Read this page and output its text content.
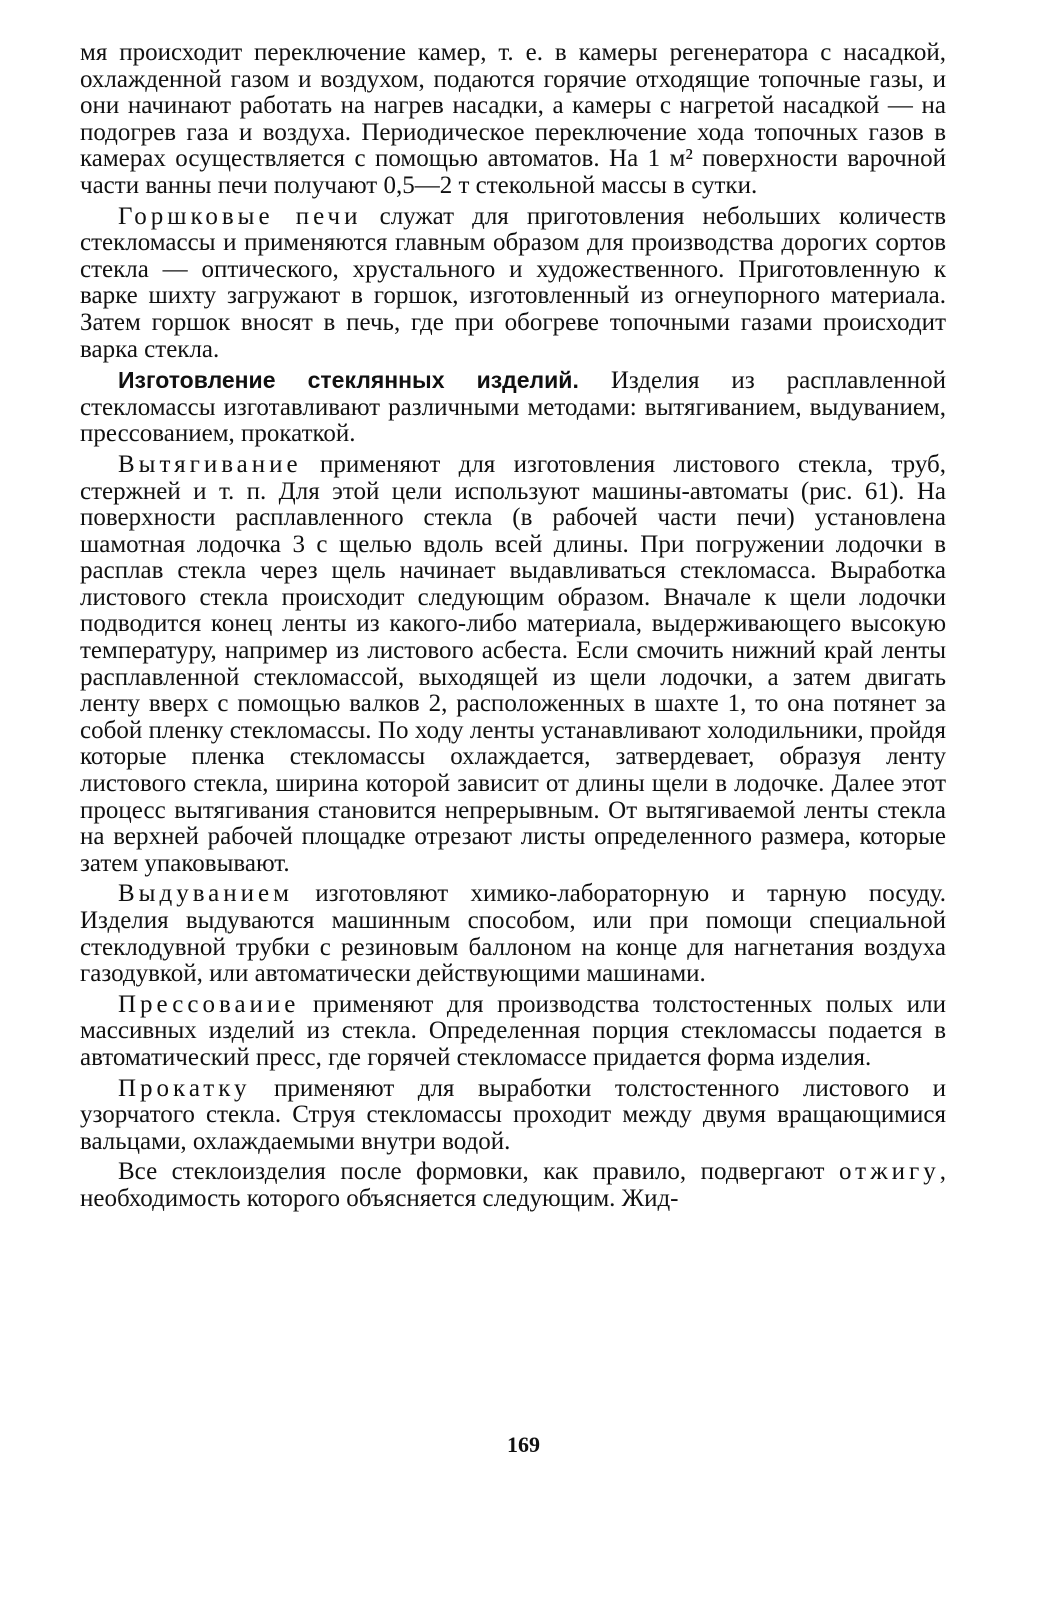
мя происходит переключение камер, т. е. в камеры регенератора с насадкой, охлажденной газом и воздухом, подаются горячие отходящие топочные газы, и они начинают работать на нагрев насадки, а камеры с нагретой насадкой — на подогрев газа и воздуха. Периодическое переключение хода топочных газов в камерах осуществляется с помощью автоматов. На 1 м² поверхности варочной части ванны печи получают 0,5—2 т стекольной массы в сутки.

Горшковые печи служат для приготовления небольших количеств стекломассы и применяются главным образом для производства дорогих сортов стекла — оптического, хрустального и художественного. Приготовленную к варке шихту загружают в горшок, изготовленный из огнеупорного материала. Затем горшок вносят в печь, где при обогреве топочными газами происходит варка стекла.

Изготовление стеклянных изделий. Изделия из расплавленной стекломассы изготавливают различными методами: вытягиванием, выдуванием, прессованием, прокаткой.

Вытягивание применяют для изготовления листового стекла, труб, стержней и т. п. Для этой цели используют машины-автоматы (рис. 61). На поверхности расплавленного стекла (в рабочей части печи) установлена шамотная лодочка 3 с щелью вдоль всей длины. При погружении лодочки в расплав стекла через щель начинает выдавливаться стекломасса. Выработка листового стекла происходит следующим образом. Вначале к щели лодочки подводится конец ленты из какого-либо материала, выдерживающего высокую температуру, например из листового асбеста. Если смочить нижний край ленты расплавленной стекломассой, выходящей из щели лодочки, а затем двигать ленту вверх с помощью валков 2, расположенных в шахте 1, то она потянет за собой пленку стекломассы. По ходу ленты устанавливают холодильники, пройдя которые пленка стекломассы охлаждается, затвердевает, образуя ленту листового стекла, ширина которой зависит от длины щели в лодочке. Далее этот процесс вытягивания становится непрерывным. От вытягиваемой ленты стекла на верхней рабочей площадке отрезают листы определенного размера, которые затем упаковывают.

Выдуванием изготовляют химико-лабораторную и тарную посуду. Изделия выдуваются машинным способом, или при помощи специальной стеклодувной трубки с резиновым баллоном на конце для нагнетания воздуха газодувкой, или автоматически действующими машинами.

Прессоваиие применяют для производства толстостенных полых или массивных изделий из стекла. Определенная порция стекломассы подается в автоматический пресс, где горячей стекломассе придается форма изделия.

Прокатку применяют для выработки толстостенного листового и узорчатого стекла. Струя стекломассы проходит между двумя вращающимися вальцами, охлаждаемыми внутри водой.

Все стеклоизделия после формовки, как правило, подвергают отжигу, необходимость которого объясняется следующим. Жид-

169
